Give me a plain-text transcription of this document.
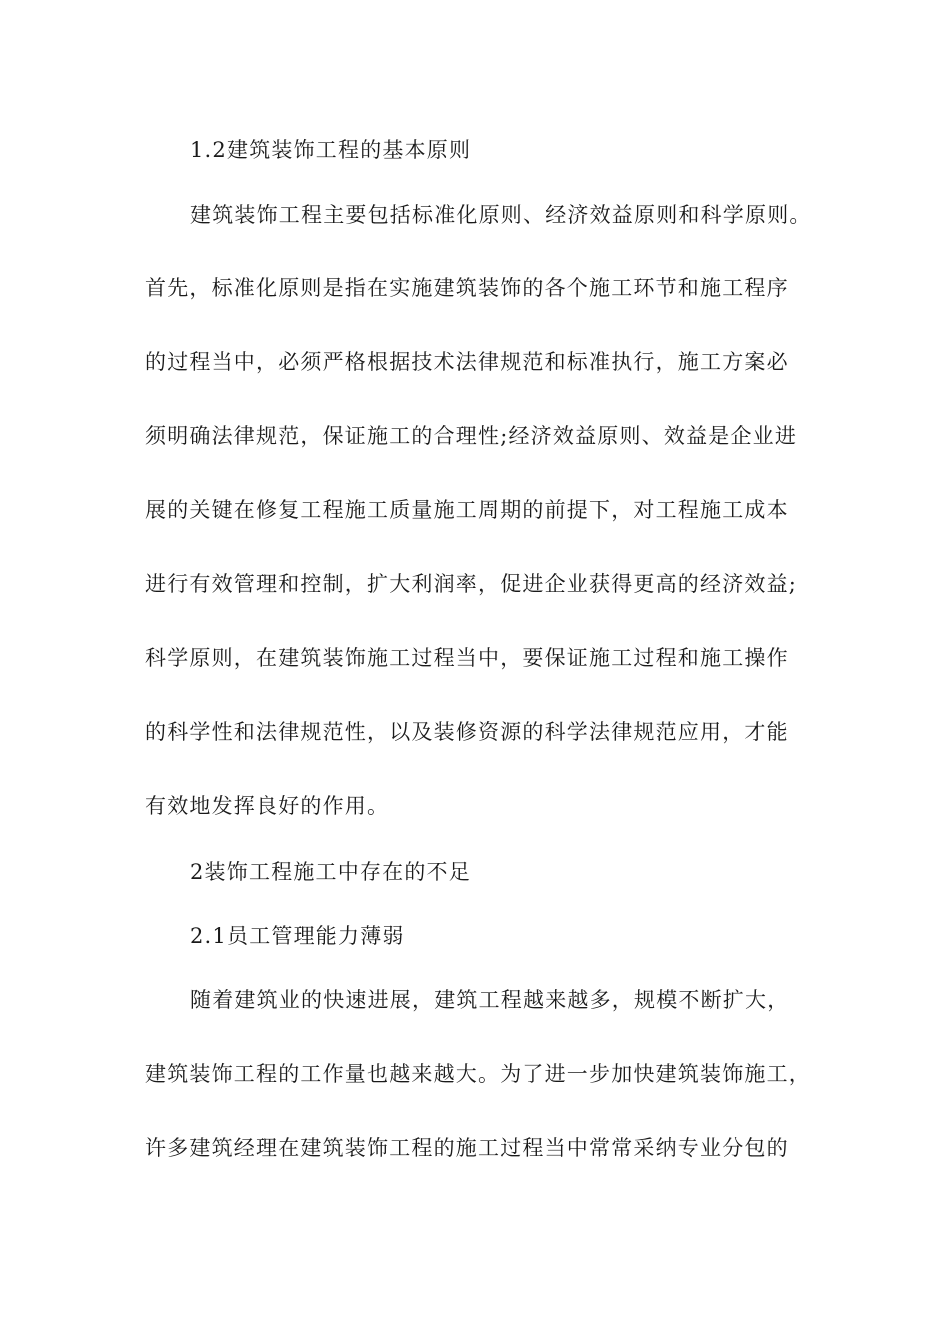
1.2建筑装饰工程的基本原则
建筑装饰工程主要包括标准化原则、经济效益原则和科学原则。
首先，标准化原则是指在实施建筑装饰的各个施工环节和施工程序
的过程当中，必须严格根据技术法律规范和标准执行，施工方案必
须明确法律规范，保证施工的合理性;经济效益原则、效益是企业进
展的关键在修复工程施工质量施工周期的前提下，对工程施工成本
进行有效管理和控制，扩大利润率，促进企业获得更高的经济效益;
科学原则，在建筑装饰施工过程当中，要保证施工过程和施工操作
的科学性和法律规范性，以及装修资源的科学法律规范应用，才能
有效地发挥良好的作用。
2装饰工程施工中存在的不足
2.1员工管理能力薄弱
随着建筑业的快速进展，建筑工程越来越多，规模不断扩大，
建筑装饰工程的工作量也越来越大。为了进一步加快建筑装饰施工，
许多建筑经理在建筑装饰工程的施工过程当中常常采纳专业分包的
